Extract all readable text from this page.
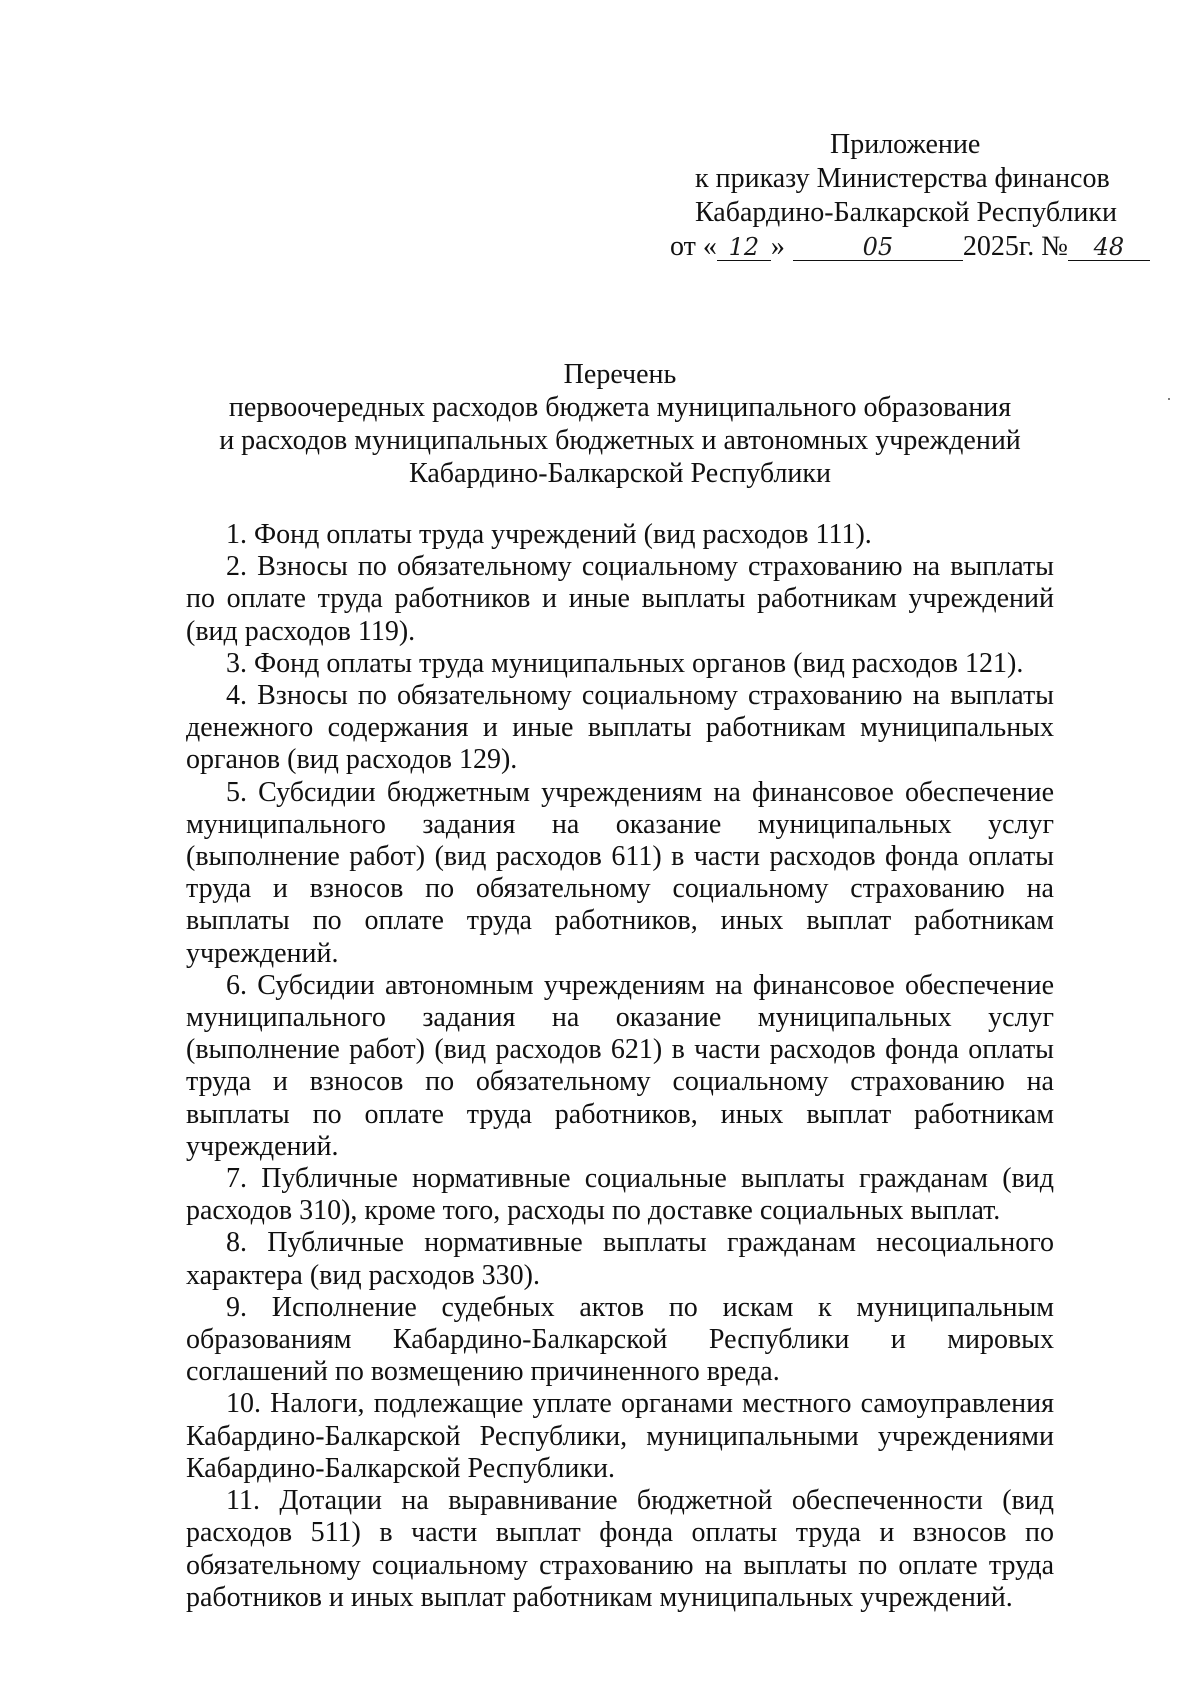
Приложение
к приказу Министерства финансов
Кабардино-Балкарской Республики
от « 12 »	05 2025г. № 48
Перечень
первоочередных расходов бюджета муниципального образования
и расходов муниципальных бюджетных и автономных учреждений
Кабардино-Балкарской Республики

1. Фонд оплаты труда учреждений (вид расходов 111).

2. Взносы по обязательному социальному страхованию на выплаты по оплате труда работников и иные выплаты работникам учреждений (вид расходов 119).

3. Фонд оплаты труда муниципальных органов (вид расходов 121).

4. Взносы по обязательному социальному страхованию на выплаты денежного содержания и иные выплаты работникам муниципальных органов (вид расходов 129).

5. Субсидии бюджетным учреждениям на финансовое обеспечение муниципального задания на оказание муниципальных услуг (выполнение работ) (вид расходов 611) в части расходов фонда оплаты труда и взносов по обязательному социальному страхованию на выплаты по оплате труда работников, иных выплат работникам учреждений.

6. Субсидии автономным учреждениям на финансовое обеспечение муниципального задания на оказание муниципальных услуг (выполнение работ) (вид расходов 621) в части расходов фонда оплаты труда и взносов по обязательному социальному страхованию на выплаты по оплате труда работников, иных выплат работникам учреждений.

7. Публичные нормативные социальные выплаты гражданам (вид расходов 310), кроме того, расходы по доставке социальных выплат.

8. Публичные нормативные выплаты гражданам несоциального характера (вид расходов 330).

9. Исполнение судебных актов по искам к муниципальным образованиям Кабардино-Балкарской Республики и мировых соглашений по возмещению причиненного вреда.

10. Налоги, подлежащие уплате органами местного самоуправления Кабардино-Балкарской Республики, муниципальными учреждениями Кабардино-Балкарской Республики.

11. Дотации на выравнивание бюджетной обеспеченности (вид расходов 511) в части выплат фонда оплаты труда и взносов по обязательному социальному страхованию на выплаты по оплате труда работников и иных выплат работникам муниципальных учреждений.
